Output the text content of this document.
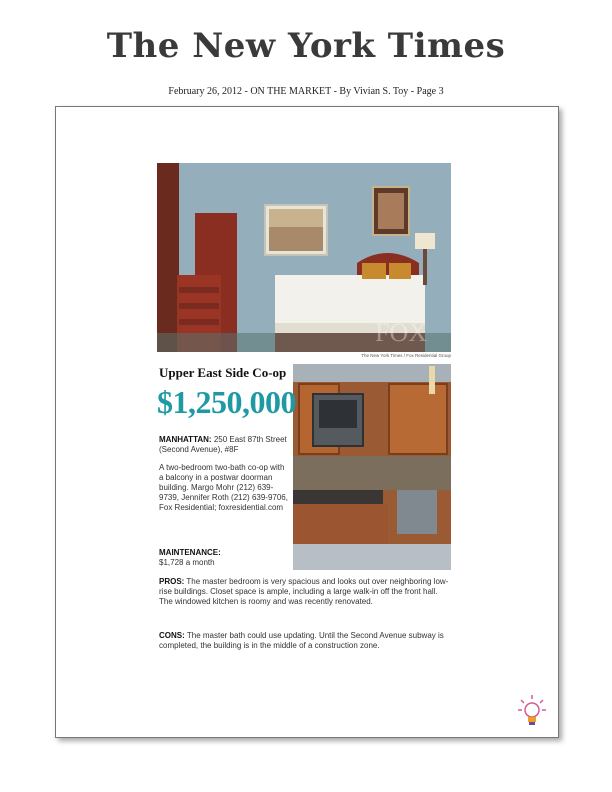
The New York Times
February 26, 2012 - ON THE MARKET - By Vivian S. Toy - Page 3
FOX
The New York Times / Fox Residential Group
Upper East Side Co-op
$1,250,000
MANHATTAN: 250 East 87th Street (Second Avenue), #8F
A two-bedroom two-bath co-op with a balcony in a postwar doorman building. Margo Mohr (212) 639-9739, Jennifer Roth (212) 639-9706, Fox Residential; foxresidential.com
MAINTENANCE:
$1,728 a month
PROS: The master bedroom is very spacious and looks out over neighboring low-rise buildings. Closet space is ample, including a large walk-in off the front hall. The windowed kitchen is roomy and was recently renovated.
CONS: The master bath could use updating. Until the Second Avenue subway is completed, the building is in the middle of a construction zone.
